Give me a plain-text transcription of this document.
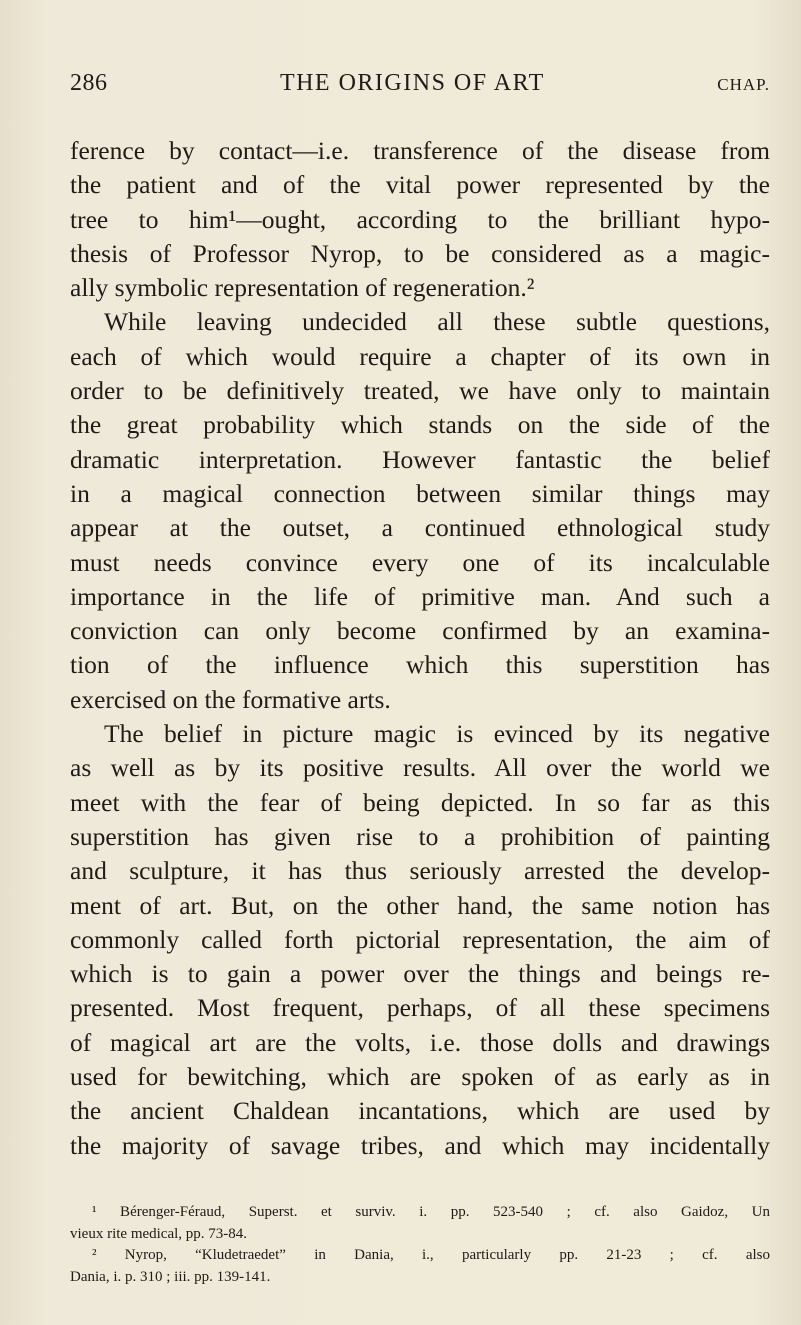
286	THE ORIGINS OF ART	CHAP.
ference by contact—i.e. transference of the disease from
the patient and of the vital power represented by the
tree to him¹—ought, according to the brilliant hypo-
thesis of Professor Nyrop, to be considered as a magic-
ally symbolic representation of regeneration.²
While leaving undecided all these subtle questions,
each of which would require a chapter of its own in
order to be definitively treated, we have only to maintain
the great probability which stands on the side of the
dramatic interpretation. However fantastic the belief
in a magical connection between similar things may
appear at the outset, a continued ethnological study
must needs convince every one of its incalculable
importance in the life of primitive man. And such a
conviction can only become confirmed by an examina-
tion of the influence which this superstition has
exercised on the formative arts.
The belief in picture magic is evinced by its negative
as well as by its positive results. All over the world we
meet with the fear of being depicted. In so far as this
superstition has given rise to a prohibition of painting
and sculpture, it has thus seriously arrested the develop-
ment of art. But, on the other hand, the same notion has
commonly called forth pictorial representation, the aim of
which is to gain a power over the things and beings re-
presented. Most frequent, perhaps, of all these specimens
of magical art are the volts, i.e. those dolls and drawings
used for bewitching, which are spoken of as early as in
the ancient Chaldean incantations, which are used by
the majority of savage tribes, and which may incidentally
¹ Bérenger-Féraud, Superst. et surviv. i. pp. 523-540 ; cf. also Gaidoz, Un
vieux rite medical, pp. 73-84.
² Nyrop, “Kludetraedet” in Dania, i., particularly pp. 21-23 ; cf. also
Dania, i. p. 310 ; iii. pp. 139-141.
